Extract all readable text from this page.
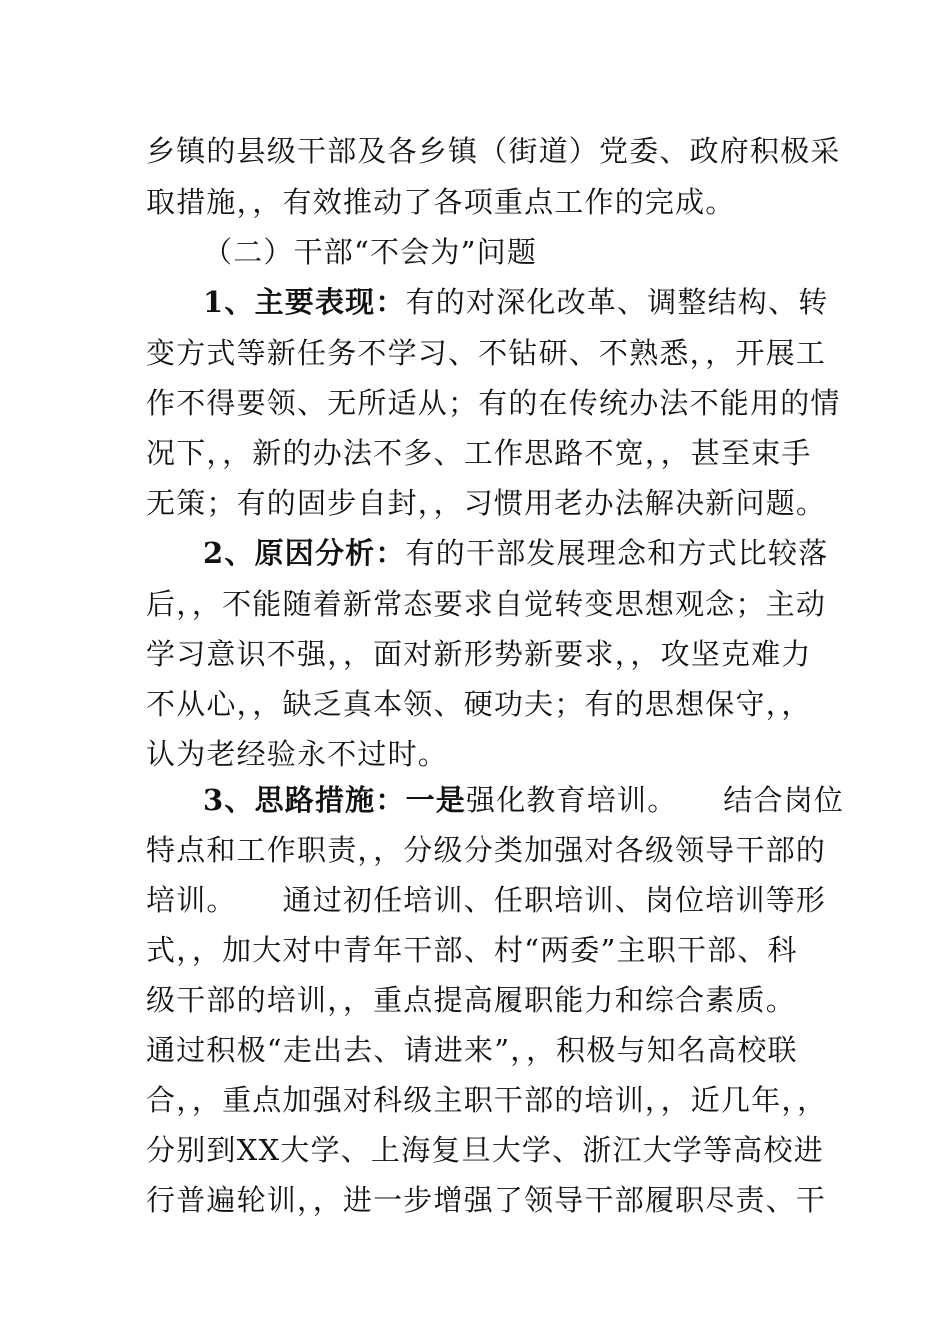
乡镇的县级干部及各乡镇（街道）党委、政府积极采
取措施，，有效推动了各项重点工作的完成。
（二）干部“不会为”问题
1、主要表现：有的对深化改革、调整结构、转
变方式等新任务不学习、不钻研、不熟悉，，开展工
作不得要领、无所适从；有的在传统办法不能用的情
况下，，新的办法不多、工作思路不宽，，甚至束手
无策；有的固步自封，，习惯用老办法解决新问题。
2、原因分析：有的干部发展理念和方式比较落
后，，不能随着新常态要求自觉转变思想观念；主动
学习意识不强，，面对新形势新要求，，攻坚克难力
不从心，，缺乏真本领、硬功夫；有的思想保守，，
认为老经验永不过时。
3、思路措施：一是强化教育培训。　　结合岗位
特点和工作职责，，分级分类加强对各级领导干部的
培训。　　通过初任培训、任职培训、岗位培训等形
式，，加大对中青年干部、村“两委”主职干部、科
级干部的培训，，重点提高履职能力和综合素质。
通过积极“走出去、请进来”，，积极与知名高校联
合，，重点加强对科级主职干部的培训，，近几年，，
分别到XX大学、上海复旦大学、浙江大学等高校进
行普遍轮训，，进一步增强了领导干部履职尽责、干
